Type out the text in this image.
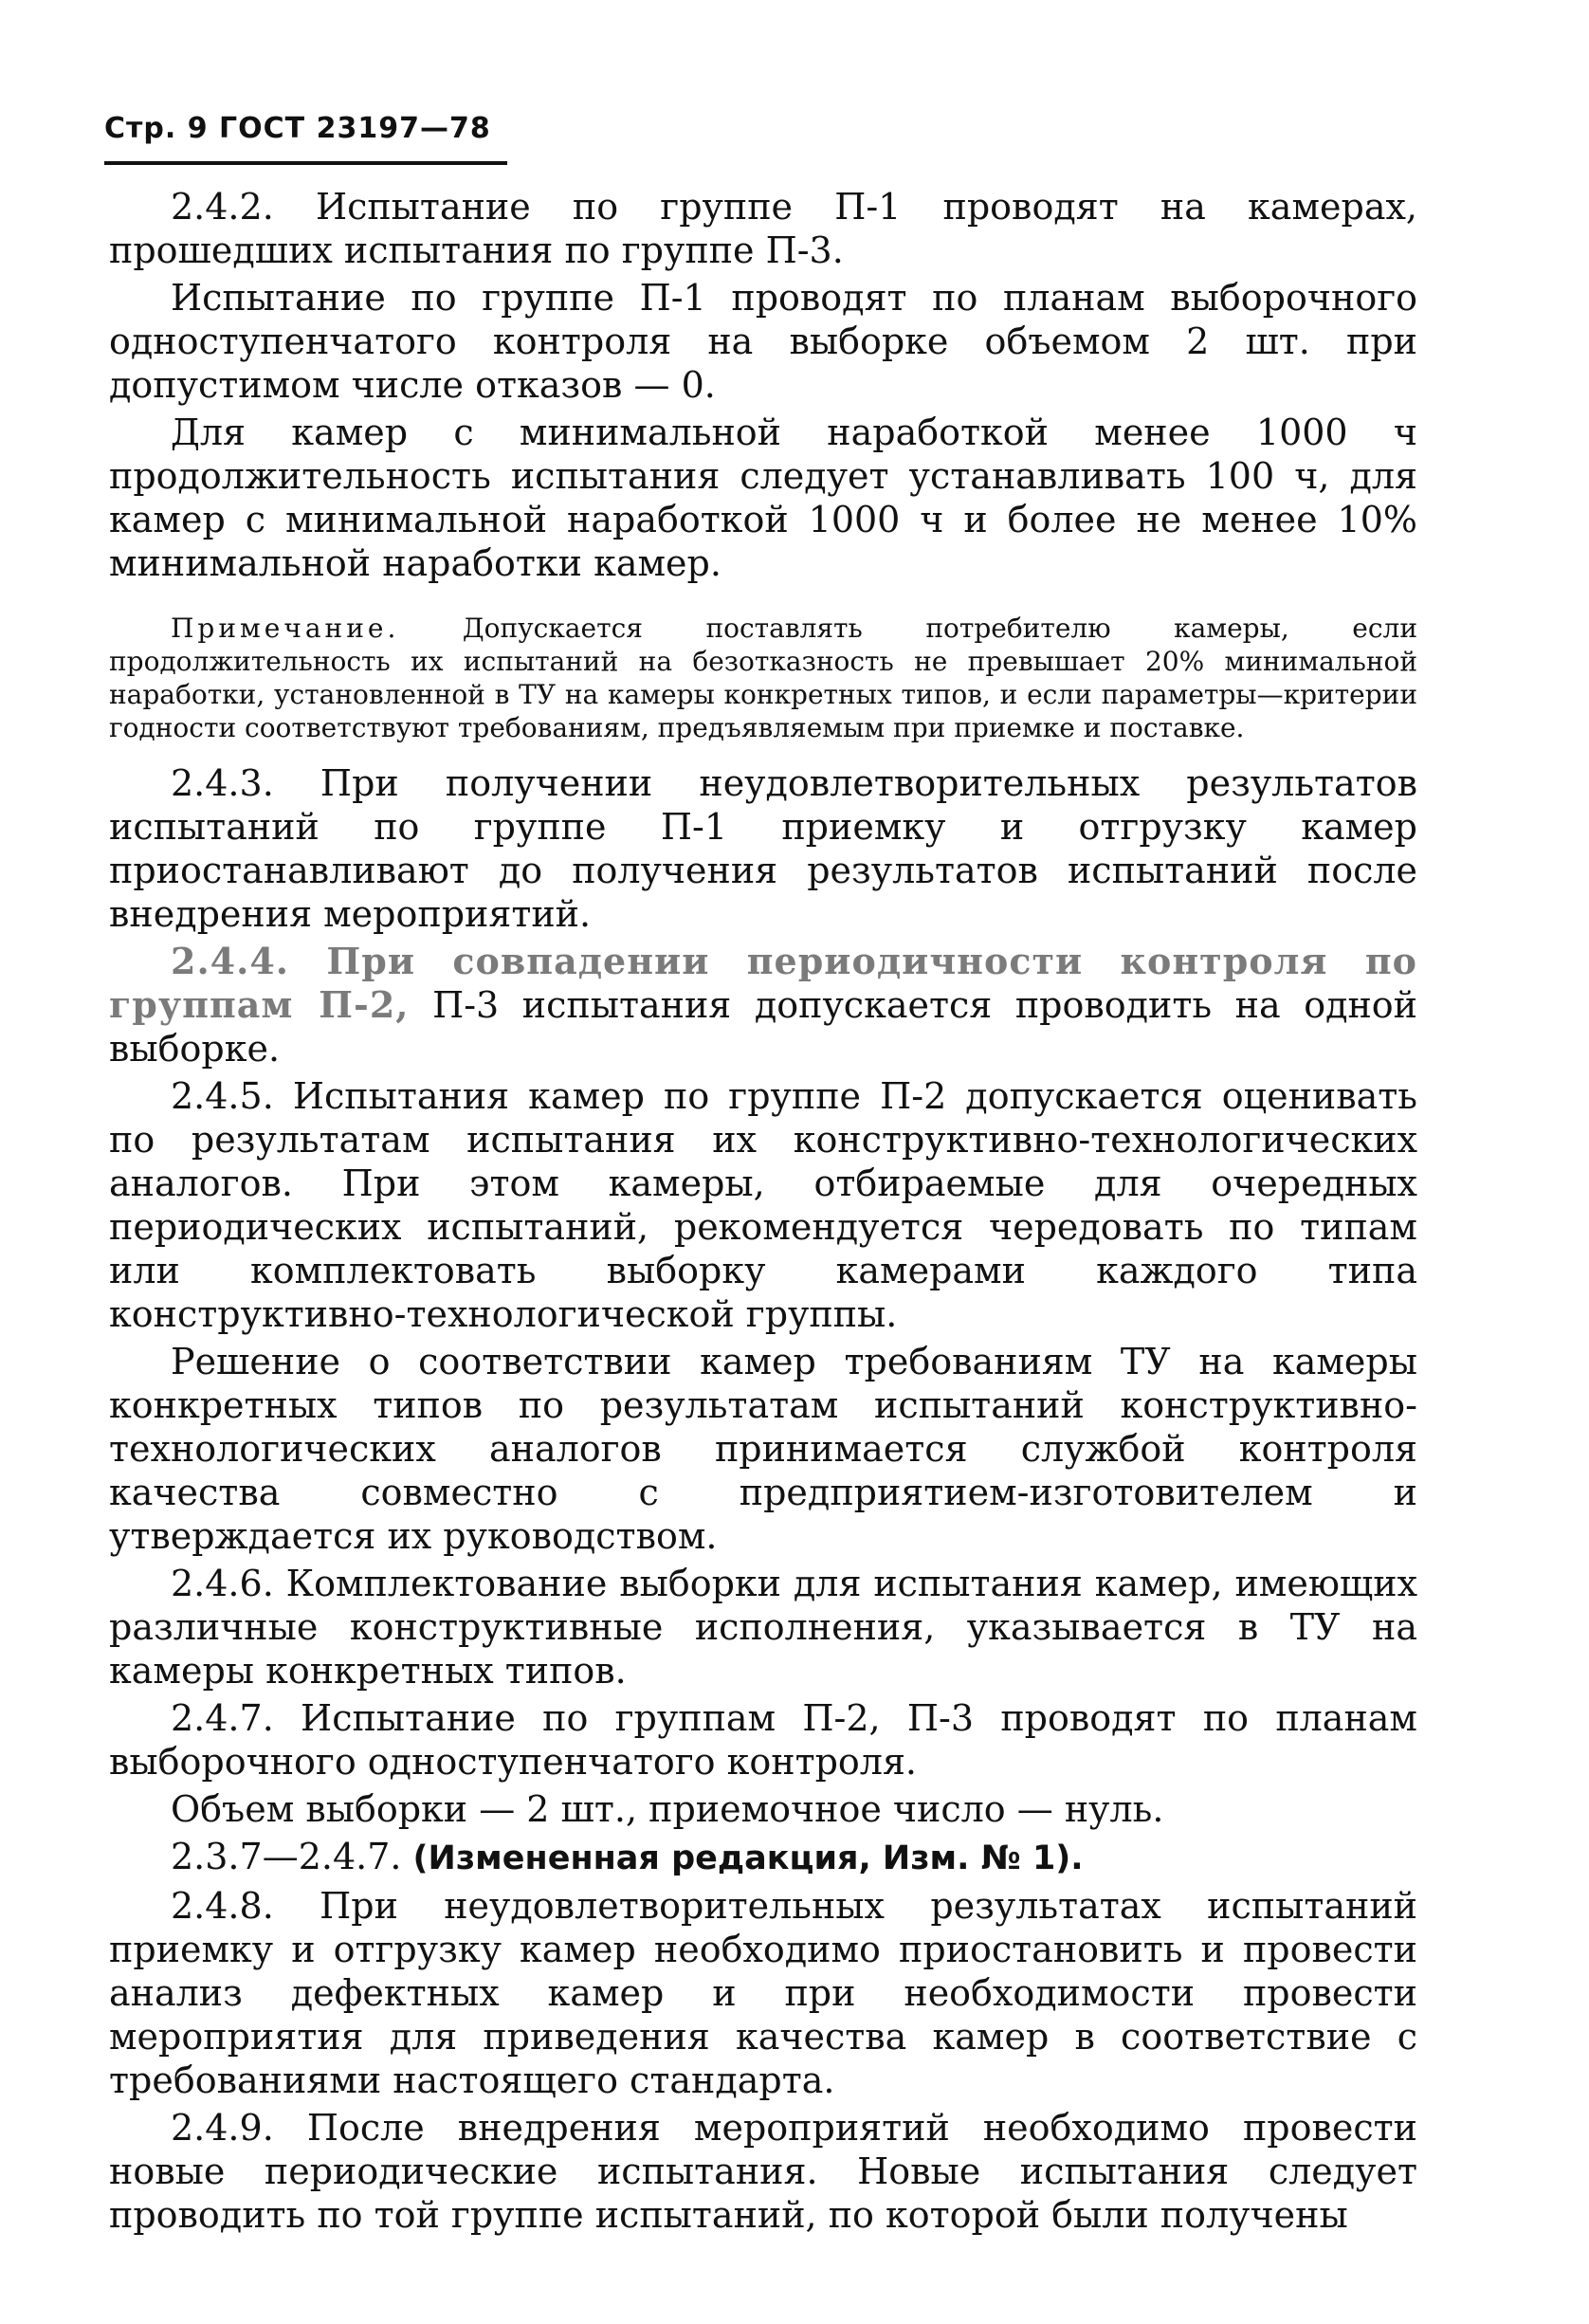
Стр. 9 ГОСТ 23197—78

2.4.2. Испытание по группе П-1 проводят на камерах, прошедших испытания по группе П-3.

Испытание по группе П-1 проводят по планам выборочного одноступенчатого контроля на выборке объемом 2 шт. при допустимом числе отказов — 0.

Для камер с минимальной наработкой менее 1000 ч продолжительность испытания следует устанавливать 100 ч, для камер с минимальной наработкой 1000 ч и более не менее 10% минимальной наработки камер.

Примечание. Допускается поставлять потребителю камеры, если продолжительность их испытаний на безотказность не превышает 20% минимальной наработки, установленной в ТУ на камеры конкретных типов, и если параметры—критерии годности соответствуют требованиям, предъявляемым при приемке и поставке.

2.4.3. При получении неудовлетворительных результатов испытаний по группе П-1 приемку и отгрузку камер приостанавливают до получения результатов испытаний после внедрения мероприятий.

2.4.4. При совпадении периодичности контроля по группам П-2, П-3 испытания допускается проводить на одной выборке.

2.4.5. Испытания камер по группе П-2 допускается оценивать по результатам испытания их конструктивно-технологических аналогов. При этом камеры, отбираемые для очередных периодических испытаний, рекомендуется чередовать по типам или комплектовать выборку камерами каждого типа конструктивно-технологической группы.

Решение о соответствии камер требованиям ТУ на камеры конкретных типов по результатам испытаний конструктивно-технологических аналогов принимается службой контроля качества совместно с предприятием-изготовителем и утверждается их руководством.

2.4.6. Комплектование выборки для испытания камер, имеющих различные конструктивные исполнения, указывается в ТУ на камеры конкретных типов.

2.4.7. Испытание по группам П-2, П-3 проводят по планам выборочного одноступенчатого контроля.

Объем выборки — 2 шт., приемочное число — нуль.

2.3.7—2.4.7. (Измененная редакция, Изм. № 1).

2.4.8. При неудовлетворительных результатах испытаний приемку и отгрузку камер необходимо приостановить и провести анализ дефектных камер и при необходимости провести мероприятия для приведения качества камер в соответствие с требованиями настоящего стандарта.

2.4.9. После внедрения мероприятий необходимо провести новые периодические испытания. Новые испытания следует проводить по той группе испытаний, по которой были получены
